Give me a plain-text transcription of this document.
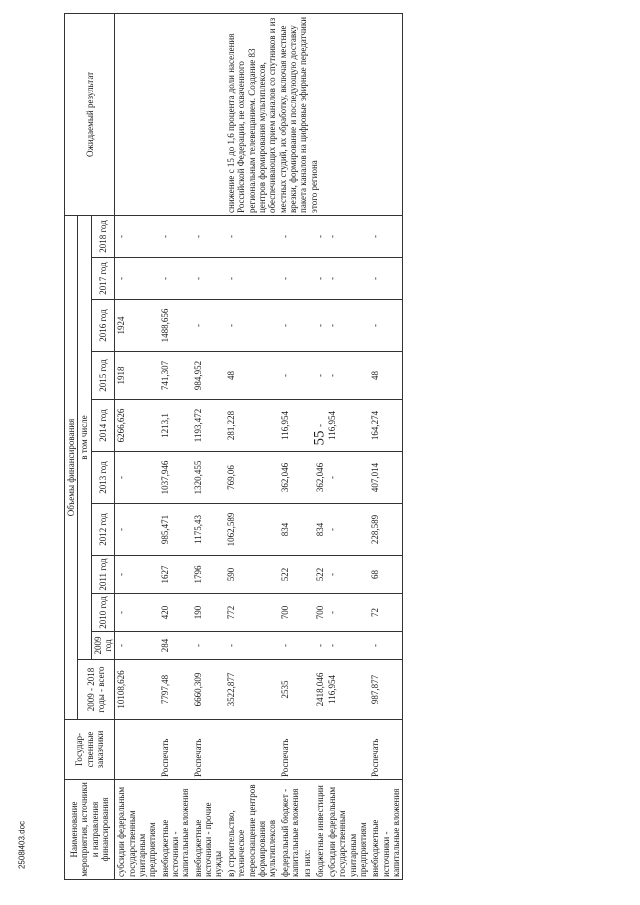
55
2508l403.doc	Наименование мероприятия, источники и направления финансирования	Государ-ственные заказчики	Объемы финансирования											Ожидаемый результат	
		2009 - 2018 годы - всего	в том числе											
			2009 год	2010 год	2011 год	2012 год	2013 год	2014 год	2015 год	2016 год	2017 год	2018 год		
субсидии федеральным государственным унитарным предприятиям		10108,626	-	-	-	-	-	6266,626	1918	1924	-	-		
внебюджетные источники - капитальные вложения	Роспечать	7797,48	284	420	1627	985,471	1037,946	1213,1	741,307	1488,656	-	-		
внебюджетные источники - прочие нужды	Роспечать	6660,309	-	190	1796	1175,43	1320,455	1193,472	984,952	-	-	-		
в) строительство, техническое переоснащение центров формирования мультиплексов		3522,877	-	772	590	1062,589	769,06	281,228	48	-	-	-	снижение с 15 до 1,6 процента доли населения Российской Федерации, не охваченного региональным телевещанием. Создание 83 центров формирования мультиплексов, обеспечивающих прием каналов со спутников и из местных студий, их обработку, включая местные врезки, формирование и последующую доставку пакета каналов на цифровые эфирные передатчики этого региона	
федеральный бюджет - капитальные вложения	Роспечать	2535	-	700	522	834	362,046	116,954	-	-	-	-		
из них:														
бюджетные инвестиции		2418,046	-	700	522	834	362,046	-	-	-	-	-		
субсидии федеральным государственным унитарным предприятиям		116,954	-	-	-	-	-	116,954	-	-	-	-		
внебюджетные источники - капитальные вложения	Роспечать	987,877	-	72	68	228,589	407,014	164,274	48	-	-	-		
